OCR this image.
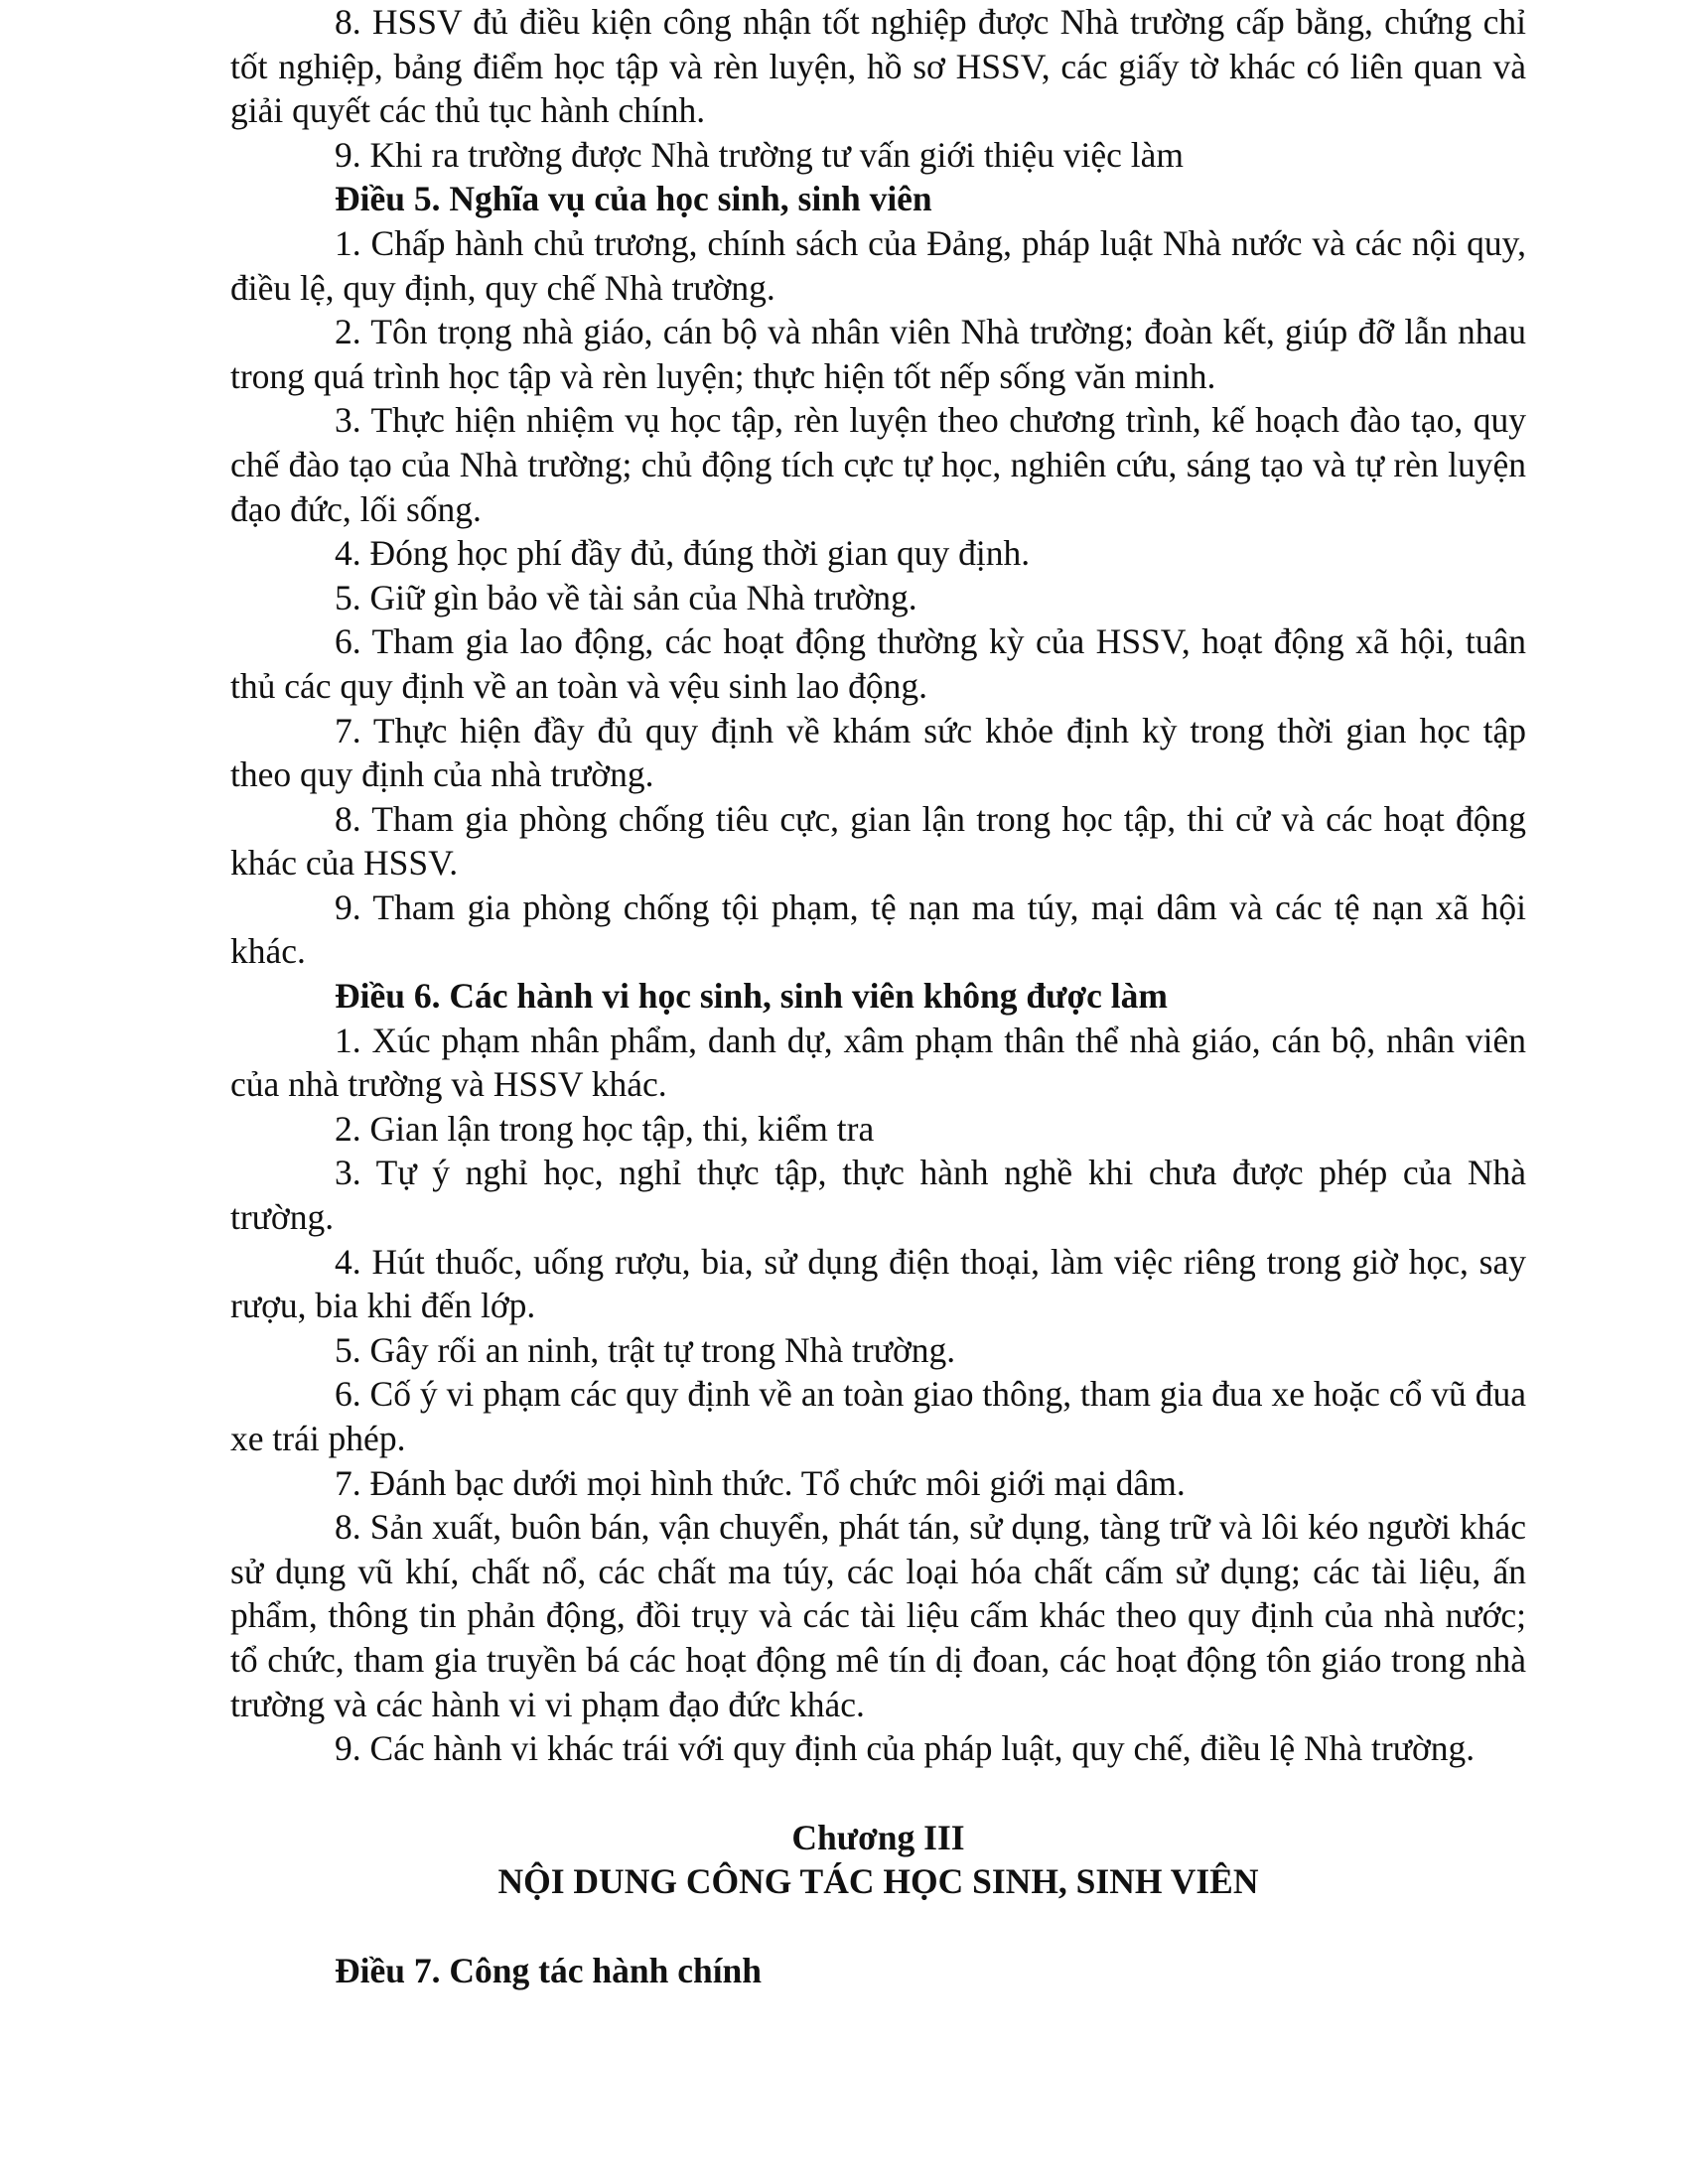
8. HSSV đủ điều kiện công nhận tốt nghiệp được Nhà trường cấp bằng, chứng chỉ tốt nghiệp, bảng điểm học tập và rèn luyện, hồ sơ HSSV, các giấy tờ khác có liên quan và giải quyết các thủ tục hành chính.

9. Khi ra trường được Nhà trường tư vấn giới thiệu việc làm

Điều 5. Nghĩa vụ của học sinh, sinh viên

1. Chấp hành chủ trương, chính sách của Đảng, pháp luật Nhà nước và các nội quy, điều lệ, quy định, quy chế Nhà trường.

2. Tôn trọng nhà giáo, cán bộ và nhân viên Nhà trường; đoàn kết, giúp đỡ lẫn nhau trong quá trình học tập và rèn luyện; thực hiện tốt nếp sống văn minh.

3. Thực hiện nhiệm vụ học tập, rèn luyện theo chương trình, kế hoạch đào tạo, quy chế đào tạo của Nhà trường; chủ động tích cực tự học, nghiên cứu, sáng tạo và tự rèn luyện đạo đức, lối sống.

4. Đóng học phí đầy đủ, đúng thời gian quy định.

5. Giữ gìn bảo về tài sản của Nhà trường.

6. Tham gia lao động, các hoạt động thường kỳ của HSSV, hoạt động xã hội, tuân thủ các quy định về an toàn và vệu sinh lao động.

7. Thực hiện đầy đủ quy định về khám sức khỏe định kỳ trong thời gian học tập theo quy định của nhà trường.

8. Tham gia phòng chống tiêu cực, gian lận trong học tập, thi cử và các hoạt động khác của HSSV.

9. Tham gia phòng chống tội phạm, tệ nạn ma túy, mại dâm và các tệ nạn xã hội khác.

Điều 6. Các hành vi học sinh, sinh viên không được làm

1. Xúc phạm nhân phẩm, danh dự, xâm phạm thân thể nhà giáo, cán bộ, nhân viên của nhà trường và HSSV khác.

2. Gian lận trong học tập, thi, kiểm tra

3. Tự ý nghỉ học, nghỉ thực tập, thực hành nghề khi chưa được phép của Nhà trường.

4. Hút thuốc, uống rượu, bia, sử dụng điện thoại, làm việc riêng trong giờ học, say rượu, bia khi đến lớp.

5. Gây rối an ninh, trật tự trong Nhà trường.

6. Cố ý vi phạm các quy định về an toàn giao thông, tham gia đua xe hoặc cổ vũ đua xe trái phép.

7. Đánh bạc dưới mọi hình thức. Tổ chức môi giới mại dâm.

8. Sản xuất, buôn bán, vận chuyển, phát tán, sử dụng, tàng trữ và lôi kéo người khác sử dụng vũ khí, chất nổ, các chất ma túy, các loại hóa chất cấm sử dụng; các tài liệu, ấn phẩm, thông tin phản động, đồi trụy và các tài liệu cấm khác theo quy định của nhà nước; tổ chức, tham gia truyền bá các hoạt động mê tín dị đoan, các hoạt động tôn giáo trong nhà trường và các hành vi vi phạm đạo đức khác.

9. Các hành vi khác trái với quy định của pháp luật, quy chế, điều lệ Nhà trường.

Chương III

NỘI DUNG CÔNG TÁC HỌC SINH, SINH VIÊN

Điều 7. Công tác hành chính
